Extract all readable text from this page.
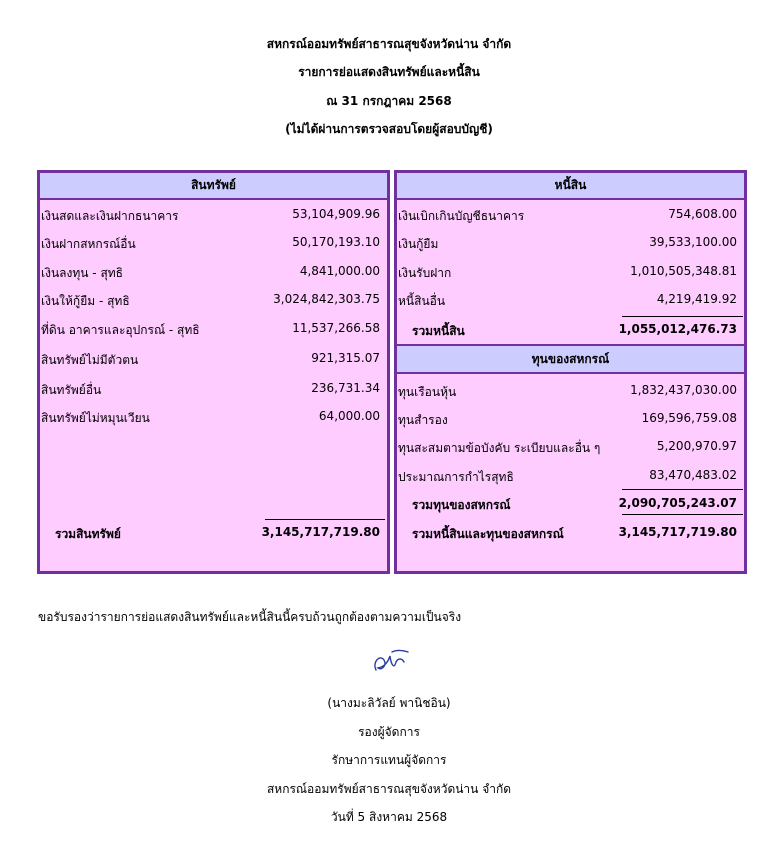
สหกรณ์ออมทรัพย์สาธารณสุขจังหวัดน่าน จำกัด
รายการย่อแสดงสินทรัพย์และหนี้สิน
ณ 31 กรกฎาคม 2568
(ไม่ได้ผ่านการตรวจสอบโดยผู้สอบบัญชี)
สินทรัพย์
เงินสดและเงินฝากธนาคาร	53,104,909.96
เงินฝากสหกรณ์อื่น	50,170,193.10
เงินลงทุน - สุทธิ	4,841,000.00
เงินให้กู้ยืม - สุทธิ	3,024,842,303.75
ที่ดิน อาคารและอุปกรณ์ - สุทธิ	11,537,266.58
สินทรัพย์ไม่มีตัวตน	921,315.07
สินทรัพย์อื่น	236,731.34
สินทรัพย์ไม่หมุนเวียน	64,000.00
รวมสินทรัพย์	3,145,717,719.80
หนี้สิน
เงินเบิกเกินบัญชีธนาคาร	754,608.00
เงินกู้ยืม	39,533,100.00
เงินรับฝาก	1,010,505,348.81
หนี้สินอื่น	4,219,419.92
รวมหนี้สิน	1,055,012,476.73
ทุนของสหกรณ์
ทุนเรือนหุ้น	1,832,437,030.00
ทุนสำรอง	169,596,759.08
ทุนสะสมตามข้อบังคับ ระเบียบและอื่น ๆ	5,200,970.97
ประมาณการกำไรสุทธิ	83,470,483.02
รวมทุนของสหกรณ์	2,090,705,243.07
รวมหนี้สินและทุนของสหกรณ์	3,145,717,719.80
ขอรับรองว่ารายการย่อแสดงสินทรัพย์และหนี้สินนี้ครบถ้วนถูกต้องตามความเป็นจริง
(นางมะลิวัลย์ พานิชอิน)
รองผู้จัดการ
รักษาการแทนผู้จัดการ
สหกรณ์ออมทรัพย์สาธารณสุขจังหวัดน่าน จำกัด
วันที่ 5 สิงหาคม 2568
